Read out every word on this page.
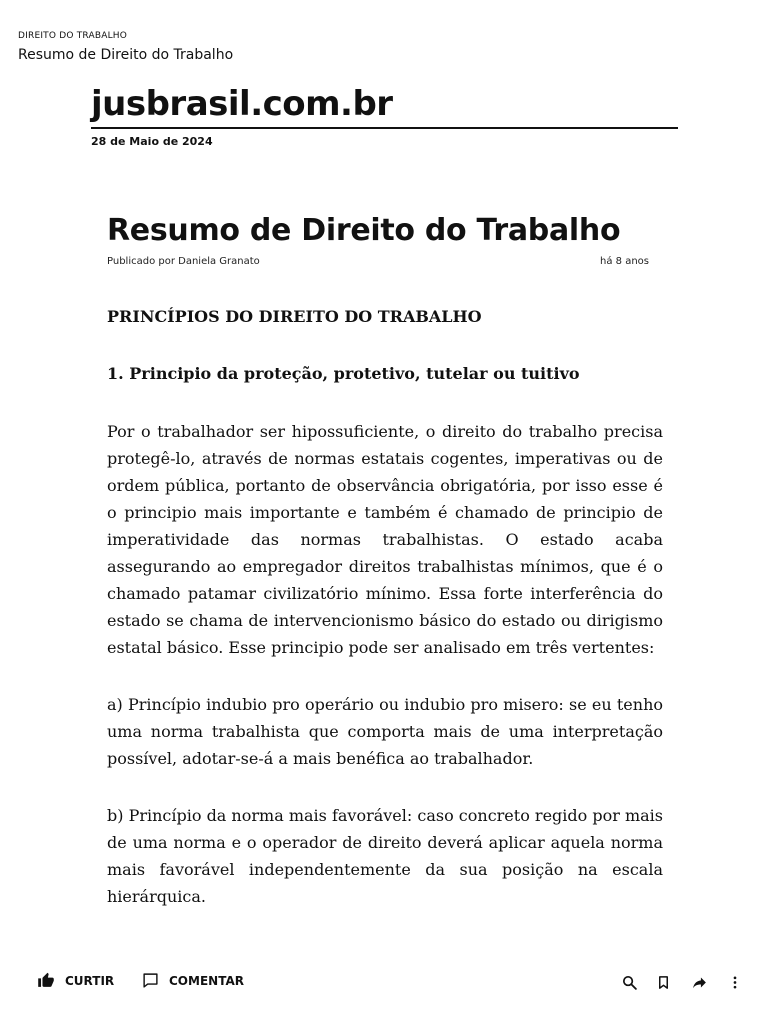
DIREITO DO TRABALHO
Resumo de Direito do Trabalho
jusbrasil.com.br
28 de Maio de 2024
Resumo de Direito do Trabalho
Publicado por Daniela Granato	há 8 anos
PRINCÍPIOS DO DIREITO DO TRABALHO
1. Principio da proteção, protetivo, tutelar ou tuitivo

Por o trabalhador ser hipossuficiente, o direito do trabalho precisa protegê-lo, através de normas estatais cogentes, imperativas ou de ordem pública, portanto de observância obrigatória, por isso esse é o principio mais importante e também é chamado de principio de imperatividade das normas trabalhistas. O estado acaba assegurando ao empregador direitos trabalhistas mínimos, que é o chamado patamar civilizatório mínimo. Essa forte interferência do estado se chama de intervencionismo básico do estado ou dirigismo estatal básico. Esse principio pode ser analisado em três vertentes:

a) Princípio indubio pro operário ou indubio pro misero: se eu tenho uma norma trabalhista que comporta mais de uma interpretação possível, adotar-se-á a mais benéfica ao trabalhador.

b) Princípio da norma mais favorável: caso concreto regido por mais de uma norma e o operador de direito deverá aplicar aquela norma mais favorável independentemente da sua posição na escala hierárquica.

CURTIR	COMENTAR
